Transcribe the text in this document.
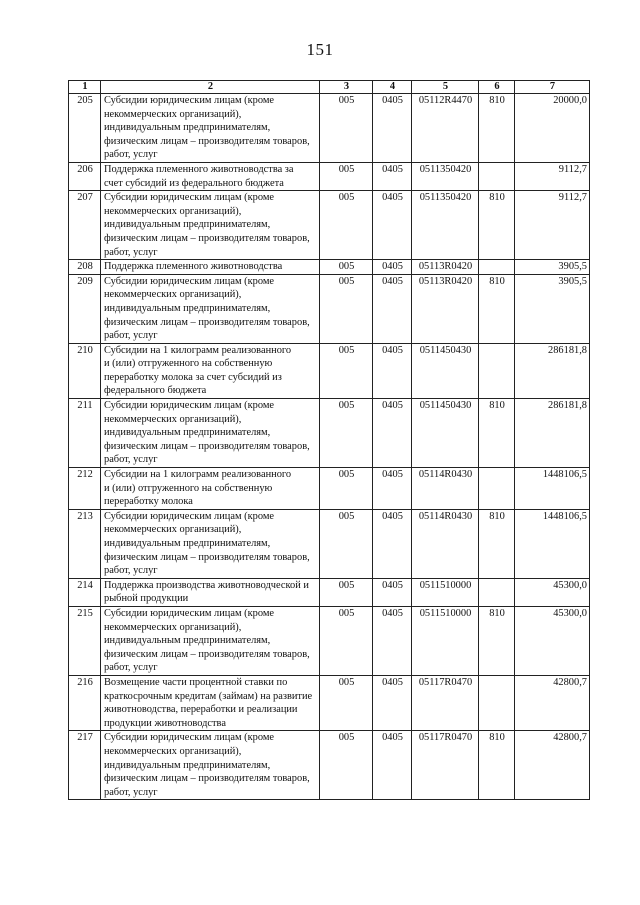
151
1	2	3	4	5	6	7
205	Субсидии юридическим лицам (кроме
некоммерческих организаций),
индивидуальным предпринимателям,
физическим лицам – производителям товаров,
работ, услуг	005	0405	05112R4470	810	20000,0
206	Поддержка племенного животноводства за
счет субсидий из федерального бюджета	005	0405	0511350420		9112,7
207	Субсидии юридическим лицам (кроме
некоммерческих организаций),
индивидуальным предпринимателям,
физическим лицам – производителям товаров,
работ, услуг	005	0405	0511350420	810	9112,7
208	Поддержка племенного животноводства	005	0405	05113R0420		3905,5
209	Субсидии юридическим лицам (кроме
некоммерческих организаций),
индивидуальным предпринимателям,
физическим лицам – производителям товаров,
работ, услуг	005	0405	05113R0420	810	3905,5
210	Субсидии на 1 килограмм реализованного
и (или) отгруженного на собственную
переработку молока за счет субсидий из
федерального бюджета	005	0405	0511450430		286181,8
211	Субсидии юридическим лицам (кроме
некоммерческих организаций),
индивидуальным предпринимателям,
физическим лицам – производителям товаров,
работ, услуг	005	0405	0511450430	810	286181,8
212	Субсидии на 1 килограмм реализованного
и (или) отгруженного на собственную
переработку молока	005	0405	05114R0430		1448106,5
213	Субсидии юридическим лицам (кроме
некоммерческих организаций),
индивидуальным предпринимателям,
физическим лицам – производителям товаров,
работ, услуг	005	0405	05114R0430	810	1448106,5
214	Поддержка производства животноводческой и
рыбной продукции	005	0405	0511510000		45300,0
215	Субсидии юридическим лицам (кроме
некоммерческих организаций),
индивидуальным предпринимателям,
физическим лицам – производителям товаров,
работ, услуг	005	0405	0511510000	810	45300,0
216	Возмещение части процентной ставки по
краткосрочным кредитам (займам) на развитие
животноводства, переработки и реализации
продукции животноводства	005	0405	05117R0470		42800,7
217	Субсидии юридическим лицам (кроме
некоммерческих организаций),
индивидуальным предпринимателям,
физическим лицам – производителям товаров,
работ, услуг	005	0405	05117R0470	810	42800,7
